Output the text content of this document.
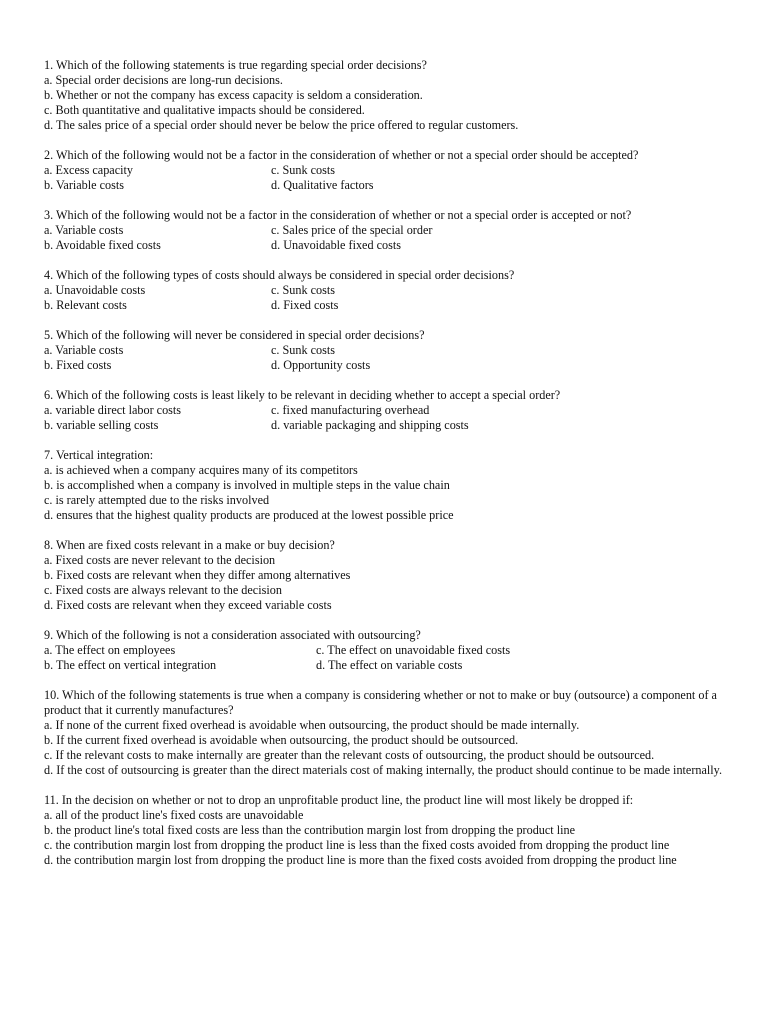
1. Which of the following statements is true regarding special order decisions?
a. Special order decisions are long-run decisions.
b. Whether or not the company has excess capacity is seldom a consideration.
c. Both quantitative and qualitative impacts should be considered.
d. The sales price of a special order should never be below the price offered to regular customers.
2. Which of the following would not be a factor in the consideration of whether or not a special order should be accepted?
a. Excess capacity	c. Sunk costs
b. Variable costs	d. Qualitative factors
3. Which of the following would not be a factor in the consideration of whether or not a special order is accepted or not?
a. Variable costs	c. Sales price of the special order
b. Avoidable fixed costs	d. Unavoidable fixed costs
4. Which of the following types of costs should always be considered in special order decisions?
a. Unavoidable costs	c. Sunk costs
b. Relevant costs	d. Fixed costs
5. Which of the following will never be considered in special order decisions?
a. Variable costs	c. Sunk costs
b. Fixed costs	d. Opportunity costs
6. Which of the following costs is least likely to be relevant in deciding whether to accept a special order?
a. variable direct labor costs	c. fixed manufacturing overhead
b. variable selling costs	d. variable packaging and shipping costs
7. Vertical integration:
a. is achieved when a company acquires many of its competitors
b. is accomplished when a company is involved in multiple steps in the value chain
c. is rarely attempted due to the risks involved
d. ensures that the highest quality products are produced at the lowest possible price
8. When are fixed costs relevant in a make or buy decision?
a. Fixed costs are never relevant to the decision
b. Fixed costs are relevant when they differ among alternatives
c. Fixed costs are always relevant to the decision
d. Fixed costs are relevant when they exceed variable costs
9. Which of the following is not a consideration associated with outsourcing?
a. The effect on employees	c. The effect on unavoidable fixed costs
b. The effect on vertical integration	d. The effect on variable costs
10. Which of the following statements is true when a company is considering whether or not to make or buy (outsource) a component of a product that it currently manufactures?
a. If none of the current fixed overhead is avoidable when outsourcing, the product should be made internally.
b. If the current fixed overhead is avoidable when outsourcing, the product should be outsourced.
c. If the relevant costs to make internally are greater than the relevant costs of outsourcing, the product should be outsourced.
d. If the cost of outsourcing is greater than the direct materials cost of making internally, the product should continue to be made internally.
11. In the decision on whether or not to drop an unprofitable product line, the product line will most likely be dropped if:
a. all of the product line's fixed costs are unavoidable
b. the product line's total fixed costs are less than the contribution margin lost from dropping the product line
c. the contribution margin lost from dropping the product line is less than the fixed costs avoided from dropping the product line
d. the contribution margin lost from dropping the product line is more than the fixed costs avoided from dropping the product line
